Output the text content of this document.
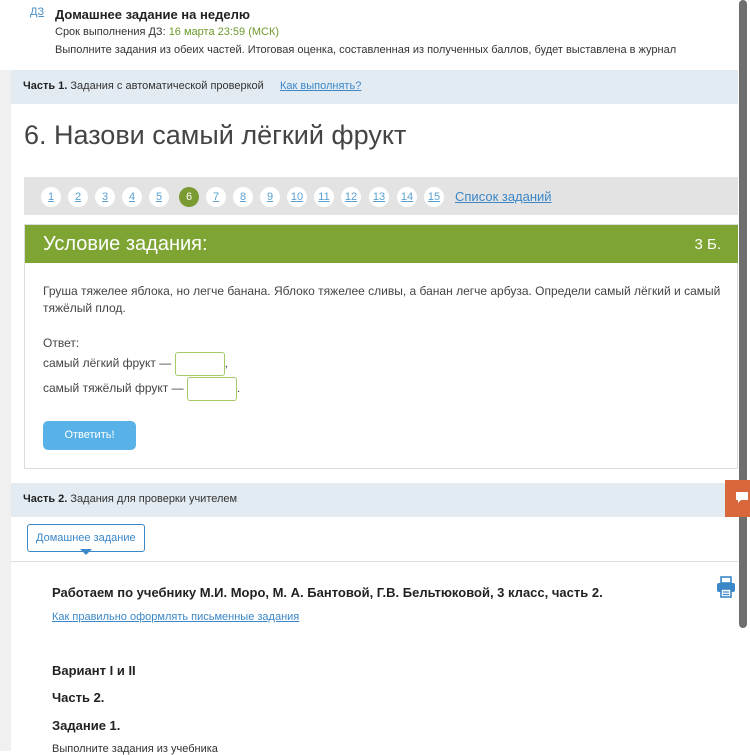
ДЗ Домашнее задание на неделю
Срок выполнения ДЗ: 16 марта 23:59 (МСК)
Выполните задания из обеих частей. Итоговая оценка, составленная из полученных баллов, будет выставлена в журнал
Часть 1. Задания с автоматической проверкой Как выполнять?
6. Назови самый лёгкий фрукт
1	2	3	4	5	6	7	8	9	10	11	12	13	14	15 Список заданий
Условие задания:	3 Б.
Груша тяжелее яблока, но легче банана. Яблоко тяжелее сливы, а банан легче арбуза. Определи самый лёгкий и самый тяжёлый плод.
Ответ:
самый лёгкий фрукт —	,
самый тяжёлый фрукт —	.
Ответить!
Часть 2. Задания для проверки учителем
Домашнее задание
Работаем по учебнику М.И. Моро, М. А. Бантовой, Г.В. Бельтюковой, 3 класс, часть 2.
Как правильно оформлять письменные задания
Вариант I и II
Часть 2.
Задание 1.
Выполните задания из учебника
